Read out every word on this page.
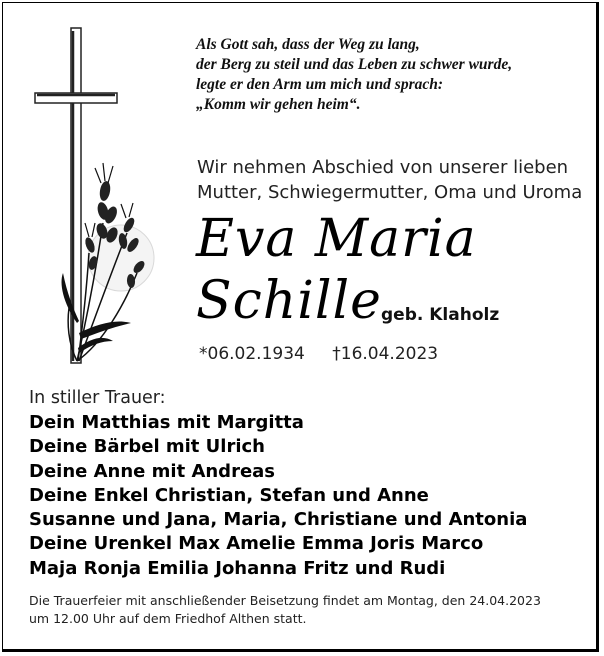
Als Gott sah, dass der Weg zu lang,
der Berg zu steil und das Leben zu schwer wurde,
legte er den Arm um mich und sprach:
„Komm wir gehen heim“.
Wir nehmen Abschied von unserer lieben
Mutter, Schwiegermutter, Oma und Uroma
Eva Maria
Schille geb. Klaholz
*06.02.1934 †16.04.2023
In stiller Trauer:
Dein Matthias mit Margitta
Deine Bärbel mit Ulrich
Deine Anne mit Andreas
Deine Enkel Christian, Stefan und Anne
Susanne und Jana, Maria, Christiane und Antonia
Deine Urenkel Max Amelie Emma Joris Marco
Maja Ronja Emilia Johanna Fritz und Rudi
Die Trauerfeier mit anschließender Beisetzung findet am Montag, den 24.04.2023
um 12.00 Uhr auf dem Friedhof Althen statt.
